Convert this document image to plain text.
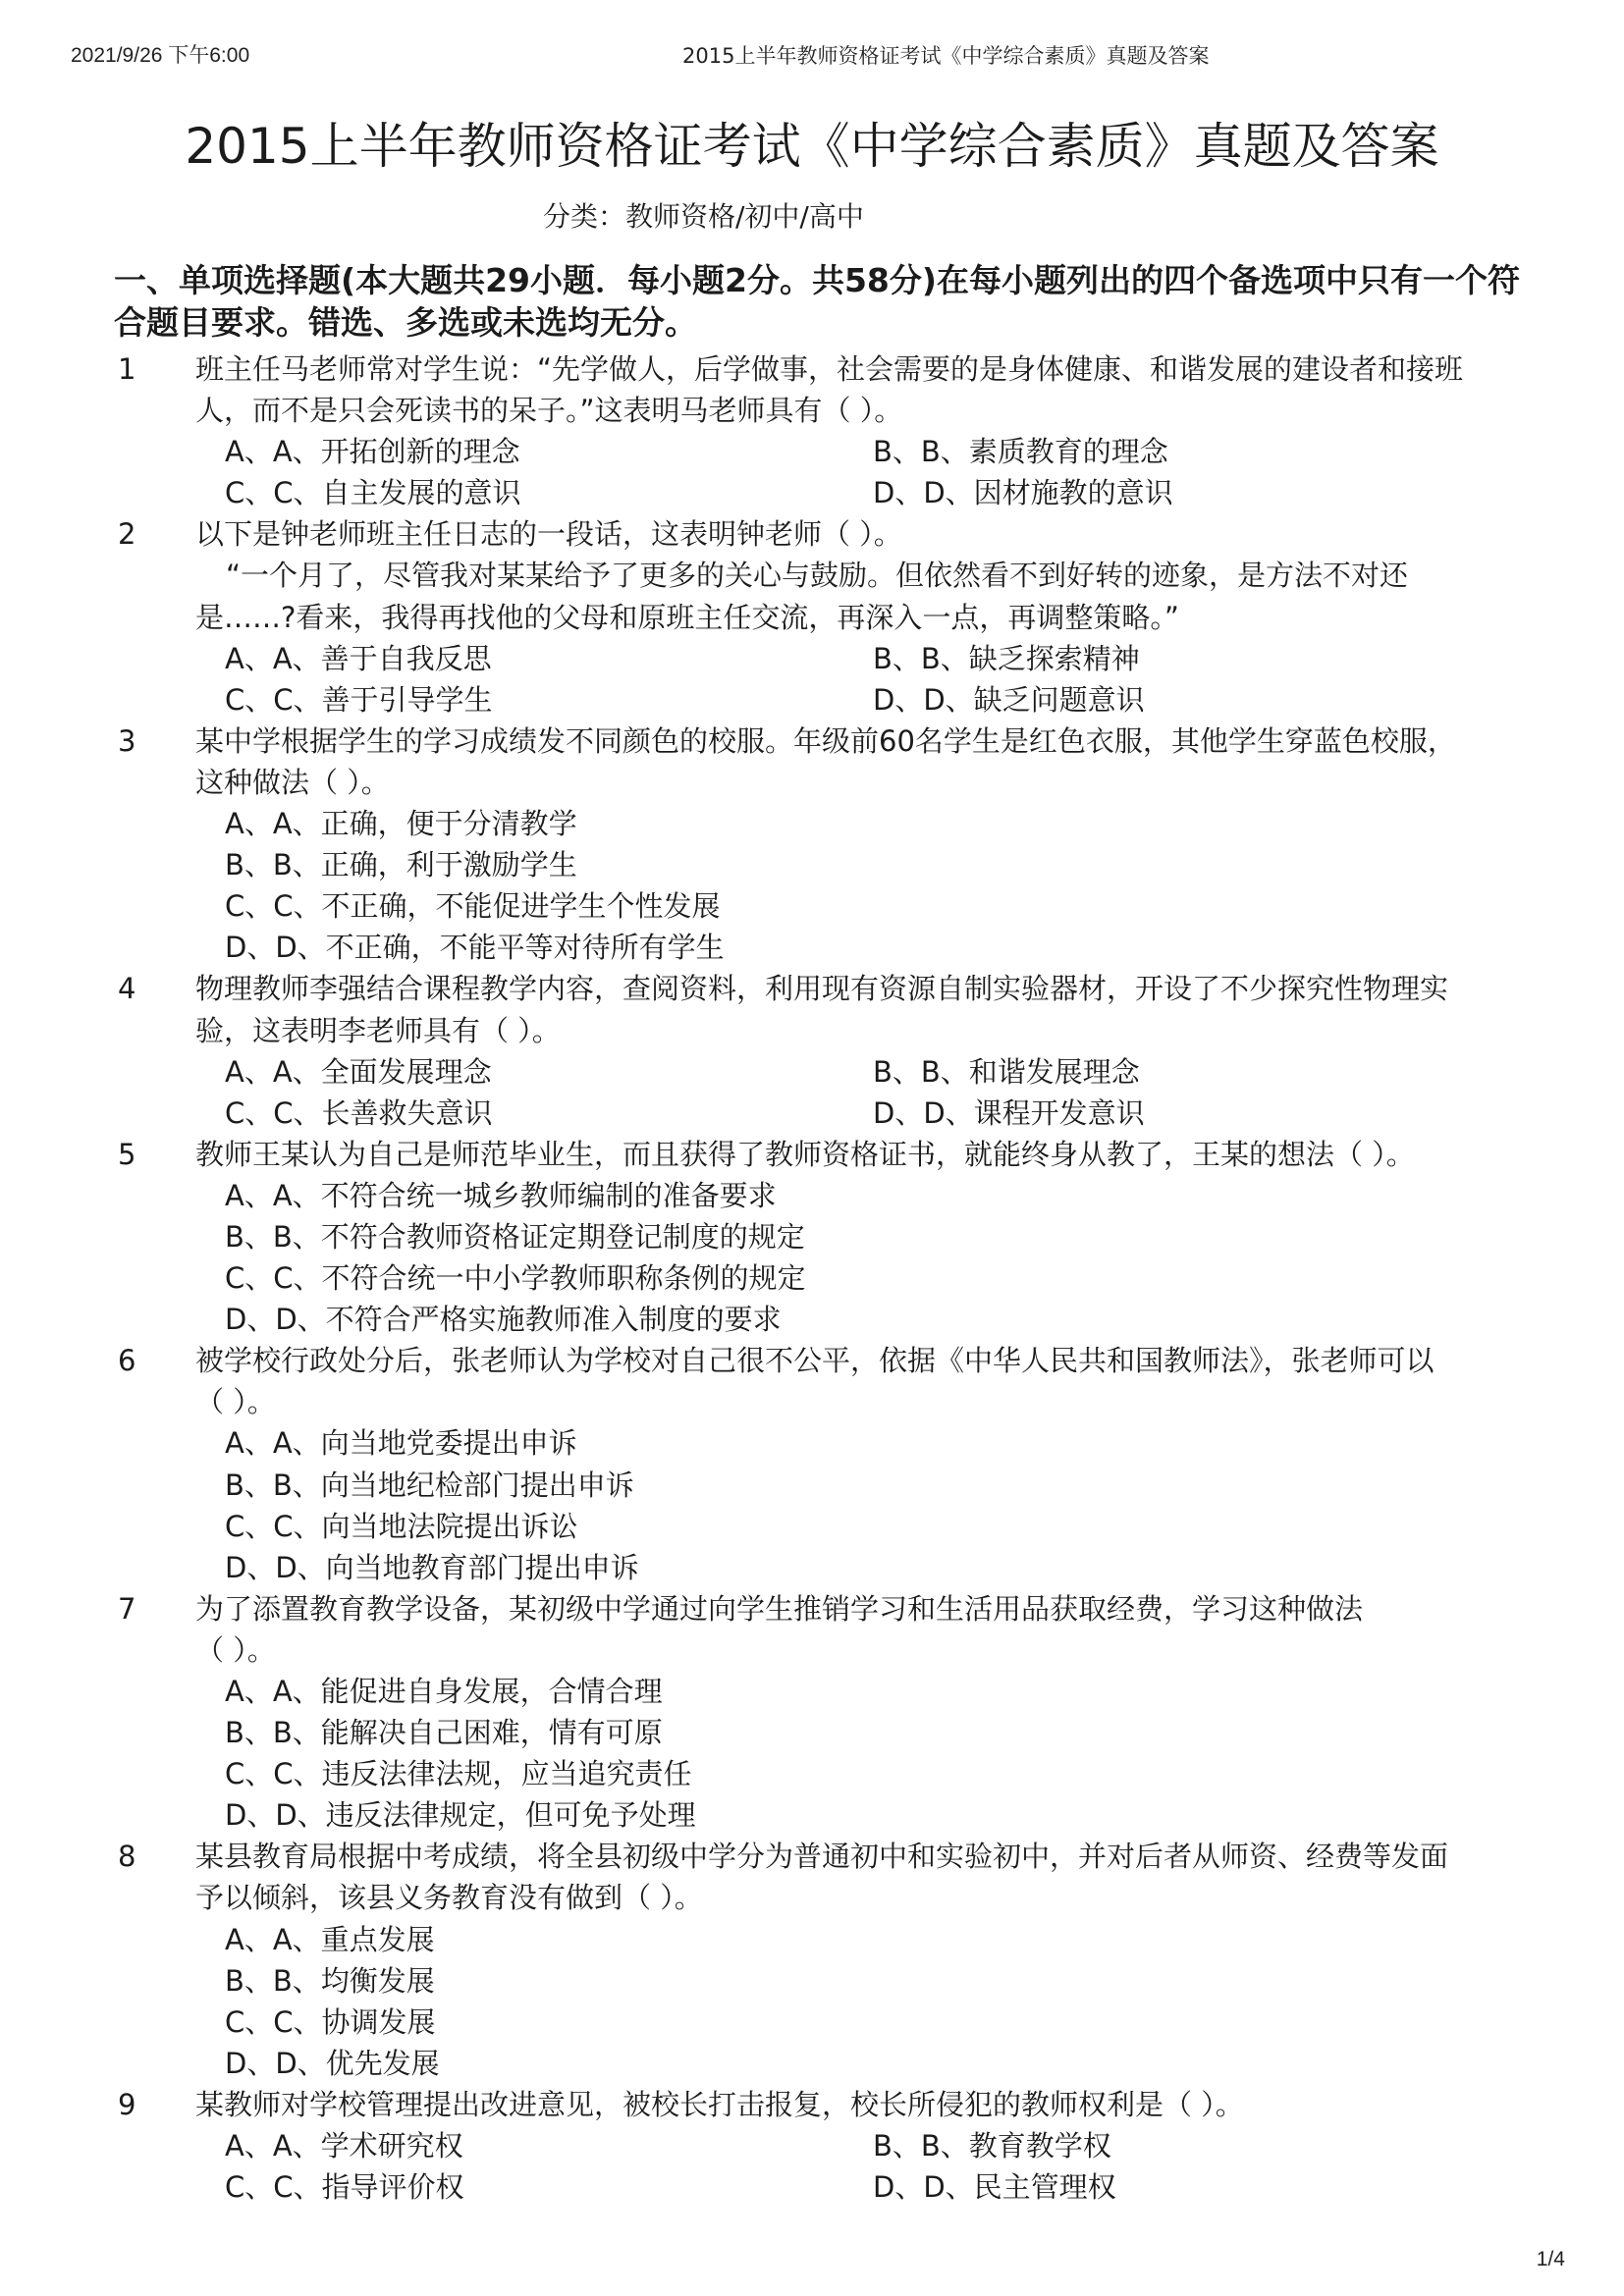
2021/9/26 下午6:00	2015上半年教师资格证考试《中学综合素质》真题及答案
2015上半年教师资格证考试《中学综合素质》真题及答案
分类：教师资格/初中/高中
一、单项选择题(本大题共29小题．每小题2分。共58分)在每小题列出的四个备选项中只有一个符
合题目要求。错选、多选或未选均无分。
1 班主任马老师常对学生说：“先学做人，后学做事，社会需要的是身体健康、和谐发展的建设者和接班
人，而不是只会死读书的呆子。”这表明马老师具有（ ）。
A、A、开拓创新的理念	B、B、素质教育的理念
C、C、自主发展的意识	D、D、因材施教的意识
2 以下是钟老师班主任日志的一段话，这表明钟老师（ ）。
“一个月了，尽管我对某某给予了更多的关心与鼓励。但依然看不到好转的迹象，是方法不对还
是……?看来，我得再找他的父母和原班主任交流，再深入一点，再调整策略。”
A、A、善于自我反思	B、B、缺乏探索精神
C、C、善于引导学生	D、D、缺乏问题意识
3 某中学根据学生的学习成绩发不同颜色的校服。年级前60名学生是红色衣服，其他学生穿蓝色校服，
这种做法（ ）。
A、A、正确，便于分清教学
B、B、正确，利于激励学生
C、C、不正确，不能促进学生个性发展
D、D、不正确，不能平等对待所有学生
4 物理教师李强结合课程教学内容，查阅资料，利用现有资源自制实验器材，开设了不少探究性物理实
验，这表明李老师具有（ ）。
A、A、全面发展理念	B、B、和谐发展理念
C、C、长善救失意识	D、D、课程开发意识
5 教师王某认为自己是师范毕业生，而且获得了教师资格证书，就能终身从教了，王某的想法（ ）。
A、A、不符合统一城乡教师编制的准备要求
B、B、不符合教师资格证定期登记制度的规定
C、C、不符合统一中小学教师职称条例的规定
D、D、不符合严格实施教师准入制度的要求
6 被学校行政处分后，张老师认为学校对自己很不公平，依据《中华人民共和国教师法》，张老师可以
（ ）。
A、A、向当地党委提出申诉
B、B、向当地纪检部门提出申诉
C、C、向当地法院提出诉讼
D、D、向当地教育部门提出申诉
7 为了添置教育教学设备，某初级中学通过向学生推销学习和生活用品获取经费，学习这种做法
（ ）。
A、A、能促进自身发展，合情合理
B、B、能解决自己困难，情有可原
C、C、违反法律法规，应当追究责任
D、D、违反法律规定，但可免予处理
8 某县教育局根据中考成绩，将全县初级中学分为普通初中和实验初中，并对后者从师资、经费等发面
予以倾斜，该县义务教育没有做到（ ）。
A、A、重点发展
B、B、均衡发展
C、C、协调发展
D、D、优先发展
9 某教师对学校管理提出改进意见，被校长打击报复，校长所侵犯的教师权利是（ ）。
A、A、学术研究权	B、B、教育教学权
C、C、指导评价权	D、D、民主管理权
1/4
